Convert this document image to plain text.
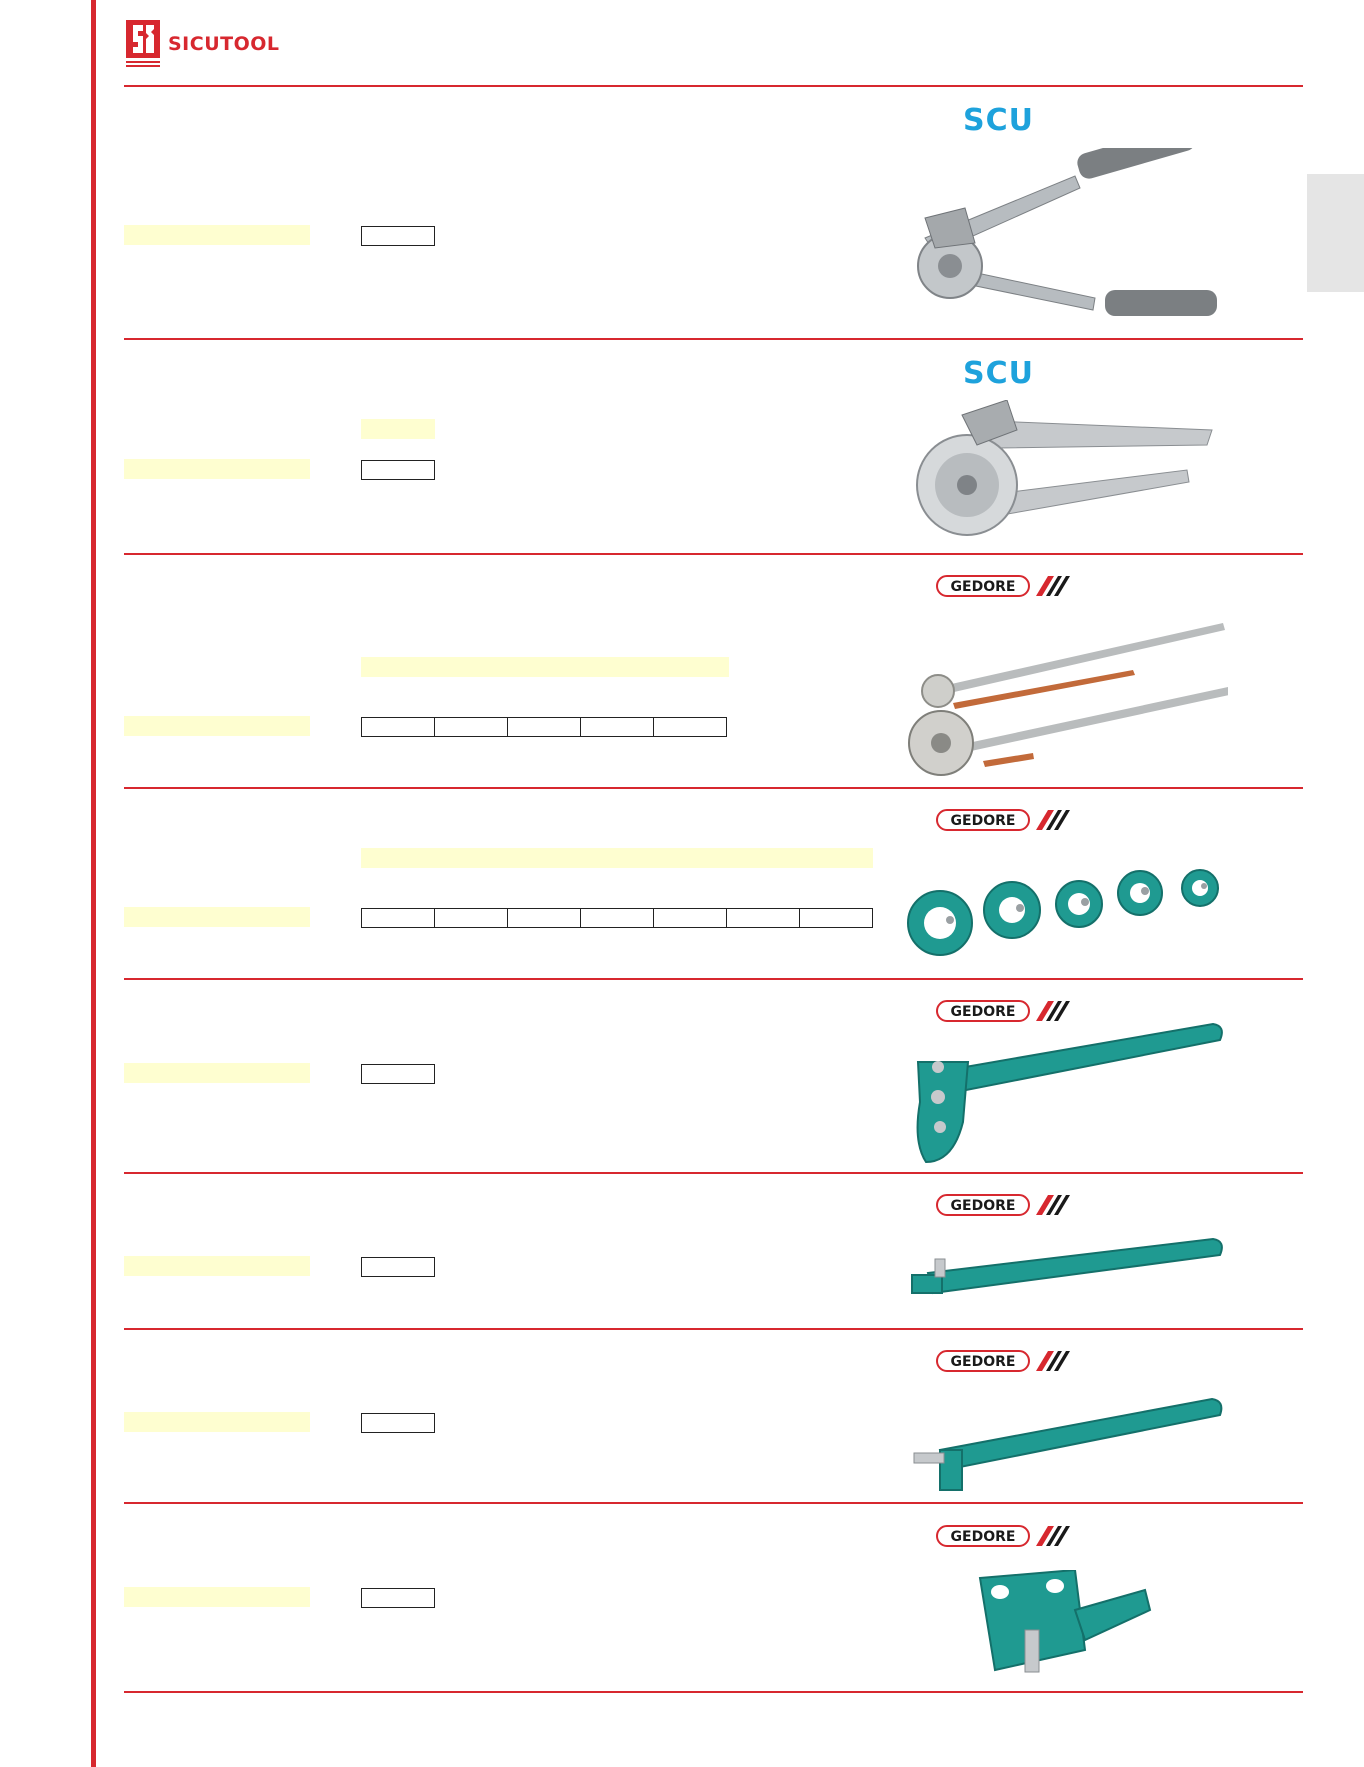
SICUTOOL
SCU
SCU
GEDORE
GEDORE
GEDORE
GEDORE
GEDORE
GEDORE
